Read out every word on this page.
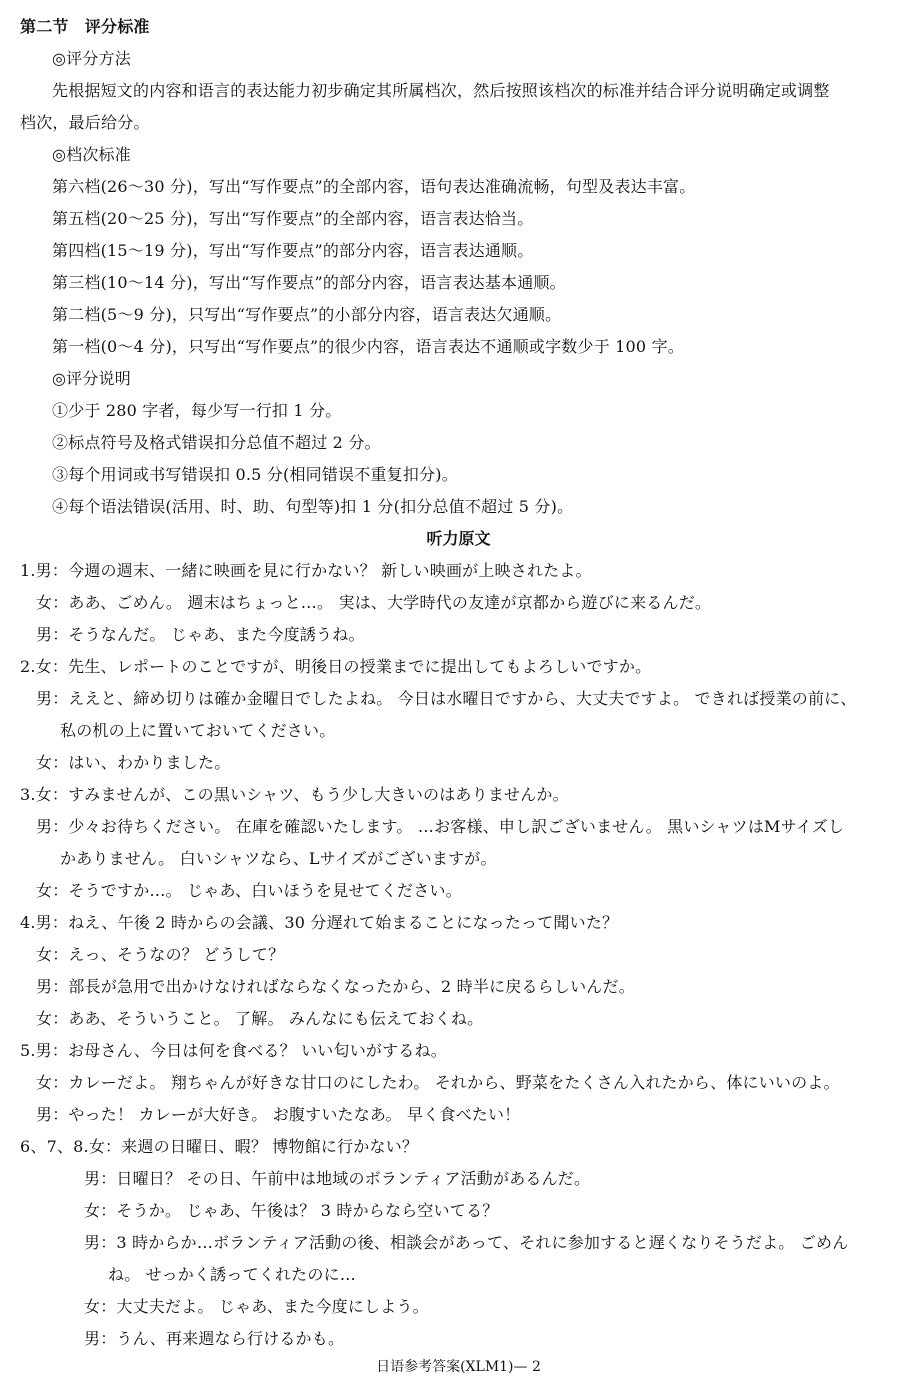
第二节　评分标准
◎评分方法
先根据短文的内容和语言的表达能力初步确定其所属档次，然后按照该档次的标准并结合评分说明确定或调整
档次，最后给分。
◎档次标准
第六档(26～30 分)，写出“写作要点”的全部内容，语句表达准确流畅，句型及表达丰富。
第五档(20～25 分)，写出“写作要点”的全部内容，语言表达恰当。
第四档(15～19 分)，写出“写作要点”的部分内容，语言表达通顺。
第三档(10～14 分)，写出“写作要点”的部分内容，语言表达基本通顺。
第二档(5～9 分)，只写出“写作要点”的小部分内容，语言表达欠通顺。
第一档(0～4 分)，只写出“写作要点”的很少内容，语言表达不通顺或字数少于 100 字。
◎评分说明
①少于 280 字者，每少写一行扣 1 分。
②标点符号及格式错误扣分总值不超过 2 分。
③每个用词或书写错误扣 0.5 分(相同错误不重复扣分)。
④每个语法错误(活用、时、助、句型等)扣 1 分(扣分总值不超过 5 分)。
听力原文
1.男：今週の週末、一緒に映画を見に行かない？ 新しい映画が上映されたよ。
女：ああ、ごめん。 週末はちょっと…。 実は、大学時代の友達が京都から遊びに来るんだ。
男：そうなんだ。 じゃあ、また今度誘うね。
2.女：先生、レポートのことですが、明後日の授業までに提出してもよろしいですか。
男：ええと、締め切りは確か金曜日でしたよね。 今日は水曜日ですから、大丈夫ですよ。 できれば授業の前に、
私の机の上に置いておいてください。
女：はい、わかりました。
3.女：すみませんが、この黒いシャツ、もう少し大きいのはありませんか。
男：少々お待ちください。 在庫を確認いたします。 …お客様、申し訳ございません。 黒いシャツはMサイズし
かありません。 白いシャツなら、Lサイズがございますが。
女：そうですか…。 じゃあ、白いほうを見せてください。
4.男：ねえ、午後 2 時からの会議、30 分遅れて始まることになったって聞いた？
女：えっ、そうなの？ どうして？
男：部長が急用で出かけなければならなくなったから、2 時半に戻るらしいんだ。
女：ああ、そういうこと。 了解。 みんなにも伝えておくね。
5.男：お母さん、今日は何を食べる？ いい匂いがするね。
女：カレーだよ。 翔ちゃんが好きな甘口のにしたわ。 それから、野菜をたくさん入れたから、体にいいのよ。
男：やった！ カレーが大好き。 お腹すいたなあ。 早く食べたい！
6、7、8.女：来週の日曜日、暇？ 博物館に行かない？
男：日曜日？ その日、午前中は地域のボランティア活動があるんだ。
女：そうか。 じゃあ、午後は？ 3 時からなら空いてる？
男：3 時からか…ボランティア活動の後、相談会があって、それに参加すると遅くなりそうだよ。 ごめん
ね。 せっかく誘ってくれたのに…
女：大丈夫だよ。 じゃあ、また今度にしよう。
男：うん、再来週なら行けるかも。
日语参考答案(XLM1)— 2
